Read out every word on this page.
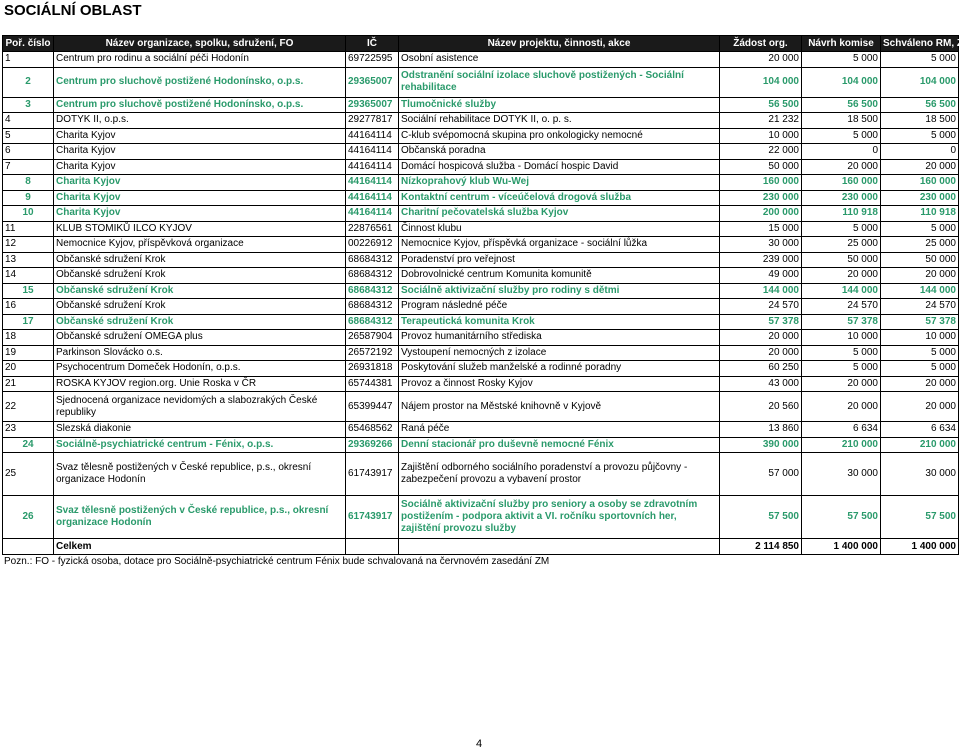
SOCIÁLNÍ OBLAST
Poř. číslo	Název organizace, spolku, sdružení, FO	IČ	Název projektu, činnosti, akce	Žádost org.	Návrh komise	Schváleno RM, ZM
1	Centrum pro rodinu a sociální péči Hodonín	69722595	Osobní asistence	20 000	5 000	5 000
2	Centrum pro sluchově postižené Hodonínsko, o.p.s.	29365007	Odstranění sociální izolace sluchově postižených - Sociální rehabilitace	104 000	104 000	104 000
3	Centrum pro sluchově postižené Hodonínsko, o.p.s.	29365007	Tlumočnické služby	56 500	56 500	56 500
4	DOTYK II, o.p.s.	29277817	Sociální rehabilitace DOTYK II, o. p. s.	21 232	18 500	18 500
5	Charita Kyjov	44164114	C-klub svépomocná skupina pro onkologicky nemocné	10 000	5 000	5 000
6	Charita Kyjov	44164114	Občanská poradna	22 000	0	0
7	Charita Kyjov	44164114	Domácí hospicová služba - Domácí hospic David	50 000	20 000	20 000
8	Charita Kyjov	44164114	Nízkoprahový klub Wu-Wej	160 000	160 000	160 000
9	Charita Kyjov	44164114	Kontaktní centrum - víceúčelová drogová služba	230 000	230 000	230 000
10	Charita Kyjov	44164114	Charitní pečovatelská služba Kyjov	200 000	110 918	110 918
11	KLUB STOMIKŮ ILCO KYJOV	22876561	Činnost klubu	15 000	5 000	5 000
12	Nemocnice Kyjov, příspěvková organizace	00226912	Nemocnice Kyjov, příspěvká organizace - sociální lůžka	30 000	25 000	25 000
13	Občanské sdružení Krok	68684312	Poradenství pro veřejnost	239 000	50 000	50 000
14	Občanské sdružení Krok	68684312	Dobrovolnické centrum Komunita komunitě	49 000	20 000	20 000
15	Občanské sdružení Krok	68684312	Sociálně aktivizační služby pro rodiny s dětmi	144 000	144 000	144 000
16	Občanské sdružení Krok	68684312	Program následné péče	24 570	24 570	24 570
17	Občanské sdružení Krok	68684312	Terapeutická komunita Krok	57 378	57 378	57 378
18	Občanské sdružení OMEGA plus	26587904	Provoz humanitárního střediska	20 000	10 000	10 000
19	Parkinson Slovácko o.s.	26572192	Vystoupení nemocných z izolace	20 000	5 000	5 000
20	Psychocentrum Domeček Hodonín, o.p.s.	26931818	Poskytování služeb manželské a rodinné poradny	60 250	5 000	5 000
21	ROSKA KYJOV region.org. Unie Roska v ČR	65744381	Provoz a činnost Rosky Kyjov	43 000	20 000	20 000
22	Sjednocená organizace nevidomých a slabozrakých České republiky	65399447	Nájem prostor na Městské knihovně v Kyjově	20 560	20 000	20 000
23	Slezská diakonie	65468562	Raná péče	13 860	6 634	6 634
24	Sociálně-psychiatrické centrum - Fénix, o.p.s.	29369266	Denní stacionář pro duševně nemocné Fénix	390 000	210 000	210 000
25	Svaz tělesně postižených v České republice, p.s., okresní organizace Hodonín	61743917	Zajištění odborného sociálního poradenství a provozu půjčovny - zabezpečení provozu a vybavení prostor	57 000	30 000	30 000
26	Svaz tělesně postižených v České republice, p.s., okresní organizace Hodonín	61743917	Sociálně aktivizační služby pro seniory a osoby se zdravotním postižením - podpora aktivit a VI. ročníku sportovních her, zajištění provozu služby	57 500	57 500	57 500
	Celkem			2 114 850	1 400 000	1 400 000
Pozn.: FO - fyzická osoba, dotace pro Sociálně-psychiatrické centrum Fénix bude schvalovaná na červnovém zasedání ZM
4
